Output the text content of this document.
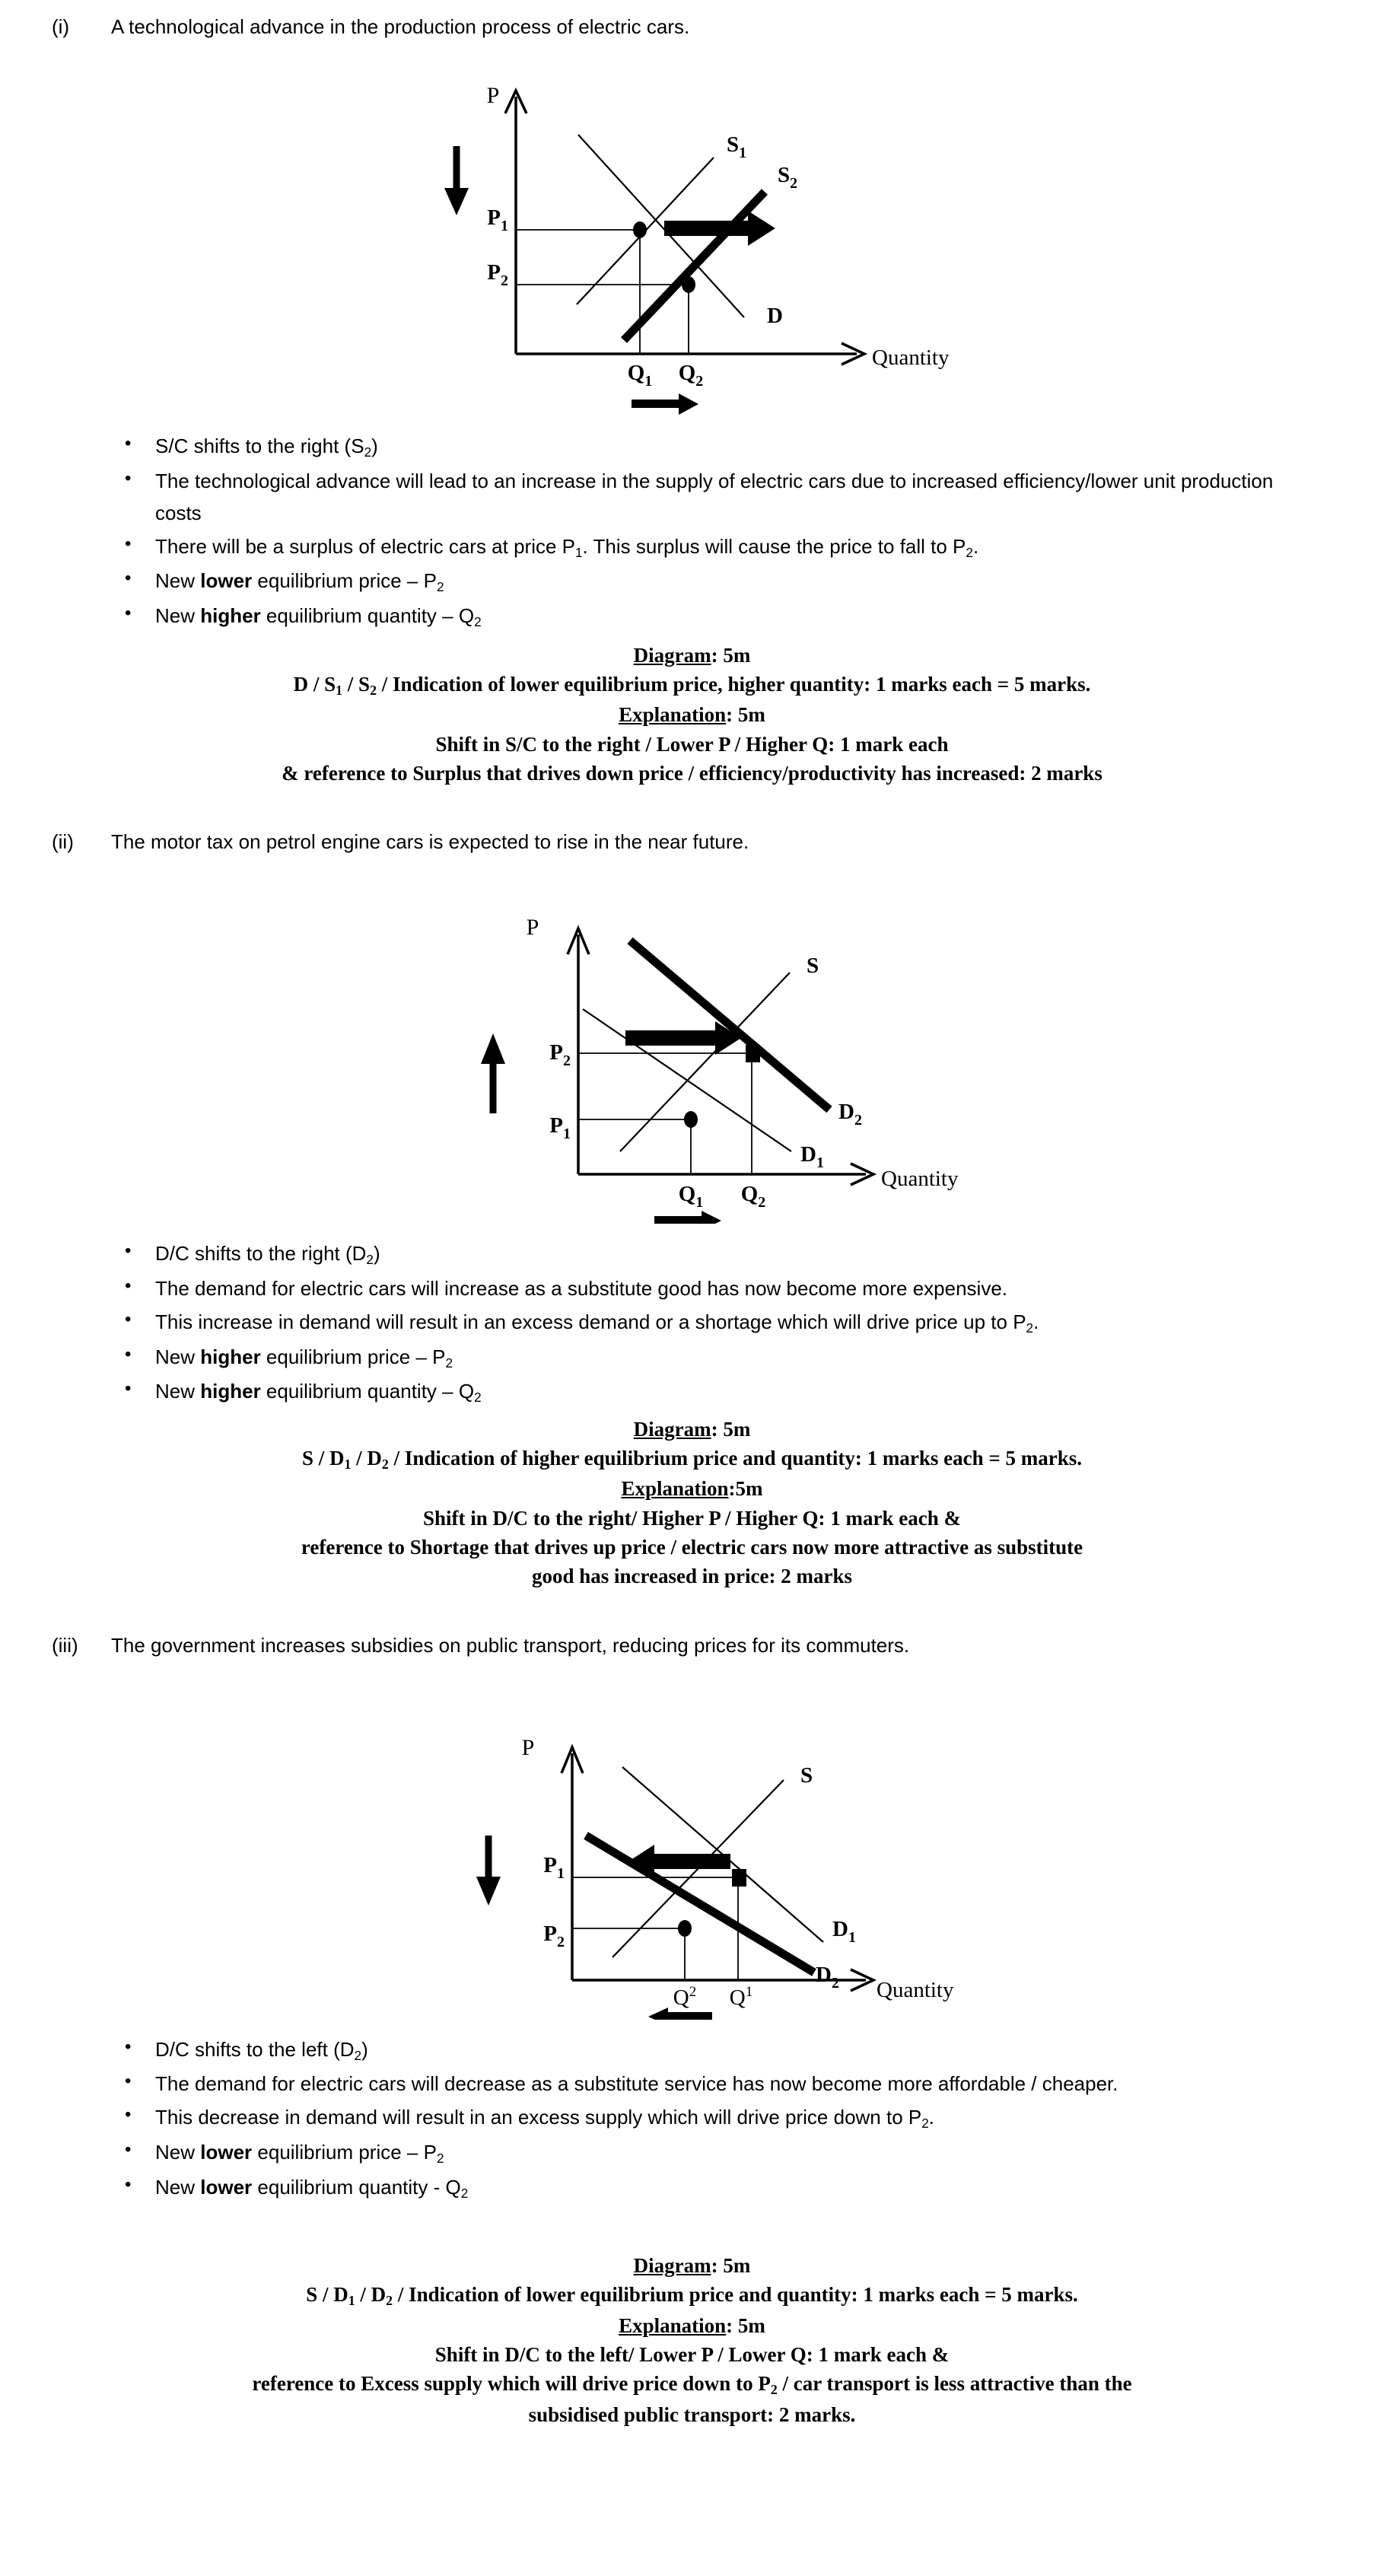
(i)	A technological advance in the production process of electric cars.
P
Quantity
$P_1$
$P_2$
$Q_1$ $Q_2$
$S_1$
$S_2$
D
• S/C shifts to the right $(S_2)$
• The technological advance will lead to an increase in the supply of electric cars due to increased efficiency/lower unit production costs
• There will be a surplus of electric cars at price $P_1$. This surplus will cause the price to fall to $P_2$.
• New lower equilibrium price – $P_2$
• New higher equilibrium quantity – $Q_2$
Diagram: 5m
D / $S_1 / S_2$ / Indication of lower equilibrium price, higher quantity: 1 marks each = 5 marks.
Explanation: 5m
Shift in S/C to the right / Lower P / Higher Q: 1 mark each
& reference to Surplus that drives down price / efficiency/productivity has increased: 2 marks
(ii)	The motor tax on petrol engine cars is expected to rise in the near future.
P
Quantity
$P_2$
$P_1$
$Q_1$ $Q_2$
S
$D_1$
$D_2$
• D/C shifts to the right $(D_2)$
• The demand for electric cars will increase as a substitute good has now become more expensive.
• This increase in demand will result in an excess demand or a shortage which will drive price up to $P_2$.
• New higher equilibrium price – $P_2$
• New higher equilibrium quantity – $Q_2$
Diagram: 5m
S / $D_1 / D_2$ / Indication of higher equilibrium price and quantity: 1 marks each = 5 marks.
Explanation:5m
Shift in D/C to the right/ Higher P / Higher Q: 1 mark each &
reference to Shortage that drives up price / electric cars now more attractive as substitute
good has increased in price: 2 marks
(iii)	The government increases subsidies on public transport, reducing prices for its commuters.
P
Quantity
$P_1$
$P_2$
$Q^2$ $Q^1$
S
$D_1$
$D_2$
• D/C shifts to the left $(D_2)$
• The demand for electric cars will decrease as a substitute service has now become more affordable / cheaper.
• This decrease in demand will result in an excess supply which will drive price down to $P_2$.
• New lower equilibrium price – $P_2$
• New lower equilibrium quantity - $Q_2$
Diagram: 5m
S / $D_1 / D_2$ / Indication of lower equilibrium price and quantity: 1 marks each = 5 marks.
Explanation: 5m
Shift in D/C to the left/ Lower P / Lower Q: 1 mark each &
reference to Excess supply which will drive price down to $P_2$ / car transport is less attractive than the
subsidised public transport: 2 marks.
